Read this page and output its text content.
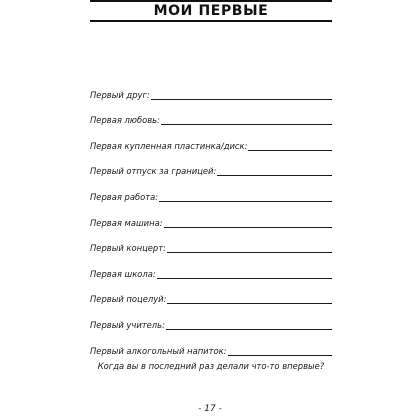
МОИ ПЕРВЫЕ
Первый друг:
Первая любовь:
Первая купленная пластинка/диск:
Первый отпуск за границей:
Первая работа:
Первая машина:
Первый концерт:
Первая школа:
Первый поцелуй:
Первый учитель:
Первый алкогольный напиток:
Когда вы в последний раз делали что-то впервые?
- 17 -
